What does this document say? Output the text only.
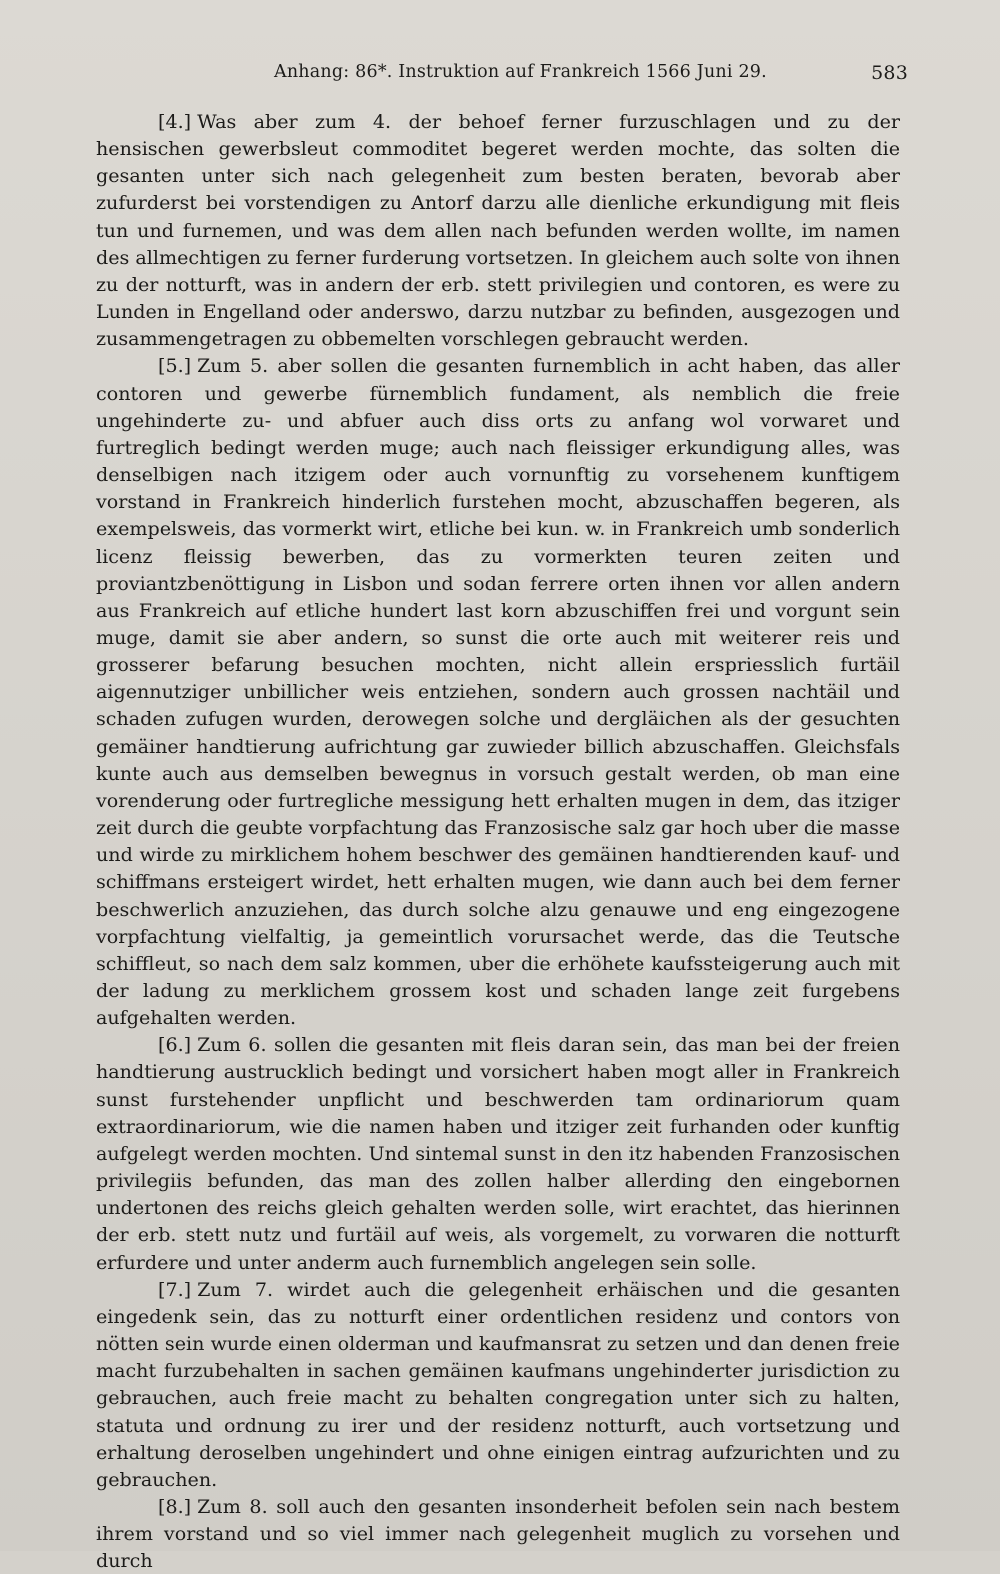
Anhang: 86*. Instruktion auf Frankreich 1566 Juni 29.	583

[4.] Was aber zum 4. der behoef ferner furzuschlagen und zu der hensischen gewerbsleut commoditet begeret werden mochte, das solten die gesanten unter sich nach gelegenheit zum besten beraten, bevorab aber zufurderst bei vorstendigen zu Antorf darzu alle dienliche erkundigung mit fleis tun und furnemen, und was dem allen nach befunden werden wollte, im namen des allmechtigen zu ferner furderung vortsetzen. In gleichem auch solte von ihnen zu der notturft, was in andern der erb. stett privilegien und contoren, es were zu Lunden in Engelland oder anderswo, darzu nutzbar zu befinden, ausgezogen und zusammengetragen zu obbemelten vorschlegen gebraucht werden.

[5.] Zum 5. aber sollen die gesanten furnemblich in acht haben, das aller contoren und gewerbe fürnemblich fundament, als nemblich die freie ungehinderte zu- und abfuer auch diss orts zu anfang wol vorwaret und furtreglich bedingt werden muge; auch nach fleissiger erkundigung alles, was denselbigen nach itzigem oder auch vornunftig zu vorsehenem kunftigem vorstand in Frankreich hinderlich furstehen mocht, abzuschaffen begeren, als exempelsweis, das vormerkt wirt, etliche bei kun. w. in Frankreich umb sonderlich licenz fleissig bewerben, das zu vormerkten teuren zeiten und proviantzbenöttigung in Lisbon und sodan ferrere orten ihnen vor allen andern aus Frankreich auf etliche hundert last korn abzuschiffen frei und vorgunt sein muge, damit sie aber andern, so sunst die orte auch mit weiterer reis und grosserer befarung besuchen mochten, nicht allein erspriesslich furtäil aigennutziger unbillicher weis entziehen, sondern auch grossen nachtäil und schaden zufugen wurden, derowegen solche und dergläichen als der gesuchten gemäiner handtierung aufrichtung gar zuwieder billich abzuschaffen. Gleichsfals kunte auch aus demselben bewegnus in vorsuch gestalt werden, ob man eine vorenderung oder furtregliche messigung hett erhalten mugen in dem, das itziger zeit durch die geubte vorpfachtung das Franzosische salz gar hoch uber die masse und wirde zu mirklichem hohem beschwer des gemäinen handtierenden kauf- und schiffmans ersteigert wirdet, hett erhalten mugen, wie dann auch bei dem ferner beschwerlich anzuziehen, das durch solche alzu genauwe und eng eingezogene vorpfachtung vielfaltig, ja gemeintlich vorursachet werde, das die Teutsche schiffleut, so nach dem salz kommen, uber die erhöhete kaufssteigerung auch mit der ladung zu merklichem grossem kost und schaden lange zeit furgebens aufgehalten werden.

[6.] Zum 6. sollen die gesanten mit fleis daran sein, das man bei der freien handtierung austrucklich bedingt und vorsichert haben mogt aller in Frankreich sunst furstehender unpflicht und beschwerden tam ordinariorum quam extraordinariorum, wie die namen haben und itziger zeit furhanden oder kunftig aufgelegt werden mochten. Und sintemal sunst in den itz habenden Franzosischen privilegiis befunden, das man des zollen halber allerding den eingebornen undertonen des reichs gleich gehalten werden solle, wirt erachtet, das hierinnen der erb. stett nutz und furtäil auf weis, als vorgemelt, zu vorwaren die notturft erfurdere und unter anderm auch furnemblich angelegen sein solle.

[7.] Zum 7. wirdet auch die gelegenheit erhäischen und die gesanten eingedenk sein, das zu notturft einer ordentlichen residenz und contors von nötten sein wurde einen olderman und kaufmansrat zu setzen und dan denen freie macht furzubehalten in sachen gemäinen kaufmans ungehinderter jurisdiction zu gebrauchen, auch freie macht zu behalten congregation unter sich zu halten, statuta und ordnung zu irer und der residenz notturft, auch vortsetzung und erhaltung deroselben ungehindert und ohne einigen eintrag aufzurichten und zu gebrauchen.

[8.] Zum 8. soll auch den gesanten insonderheit befolen sein nach bestem ihrem vorstand und so viel immer nach gelegenheit muglich zu vorsehen und durch
